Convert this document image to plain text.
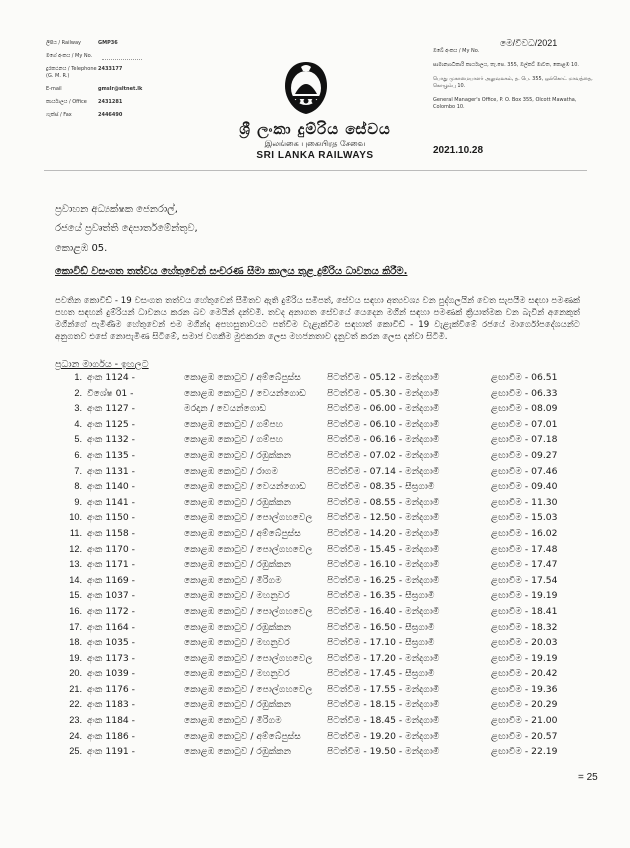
ලිපිය / Railway	GMP36
මගේ අංකය / My No.
දුරකථනය / Telephone (G. M. R.)
2433177
E-mail	gmslr@sltnet.lk
කාර්යාලය / Office	2431281
ෆැක්ස් / Fax	2446490
ශ්‍රී ලංකා දුම්රිය සේවය
இலங்கை புகையிரத சேவை
SRI LANKA RAILWAYS
මෙ/වීවධ/2021
ඔබේ අංකය / My No.
සාමාන්‍යාධිකාරි කාර්යාලය, තැ.පෙ. 355, ඔල්කට් මාවත, කොළඹ 10.
பொது முகாமையாளர் அலுவலகம், த. பெ. 355, ஒல்கொட் மாவத்தை, கொழும்பு 10.
General Manager's Office, P. O. Box 355, Olcott Mawatha, Colombo 10.
2021.10.28
ප්‍රවාහන අධ්‍යක්ෂක ජෙනරාල්,
රජයේ ප්‍රවෘත්ති දෙපාර්තමේන්තුව,
කොළඹ 05.
කොවිඩ් වසංගත තත්වය හේතුවෙන් සංචරණ සීමා කාලය තුළ දුම්රිය ධාවනය කිරීම.
පවතින කොවිඩ් - 19 වසංගත තත්වය හේතුවෙන් සීමිතව ඇති දුම්රිය සමිපත්, සේවය සඳහා අත්‍යවශ්‍ය වන පුද්ගලයින් වෙත සැපයීම සඳහා පමණක් පහත සඳහන් දුම්රියන් ධාවනය කරන බව මෙයින් දන්වමි. තවද අනාගත සේවයේ යෙදෙන මගීන් සඳහා පමණක් ක්‍රියාත්මක වන බැවින් අනෙකුත් මගීන්ගේ පැමිණීම හේතුවෙන් එම මගීන්ද අපහසුතාවයට පත්වීම වැළැක්වීම සඳහාත් කොවිඩ් - 19 වැළැක්වීමේ රජයේ මාර්ගෝපදේශයන්ට අනුගතව එසේ නොපැමිණ සිටීමේ, සමාජ වගකීම මුළුකරන ලෙස මහජනතාව දැනුවත් කරන ලෙස දන්වා සිටිමි.
ප්‍රධාන මාර්ගය - ඉහලට
1. අංක 1124 -	කොළඹ කොටුව / අම්බේපුස්ස	පිටත්වීම - 05.12 - මන්දගාමී	ළඟාවීම - 06.51
2. විශේෂ 01 -	කොළඹ කොටුව / වෙයන්ගොඩ පිටත්වීම - 05.30 - මන්දගාමී	ළඟාවීම - 06.33
3. අංක 1127 -	මරදාන / වෙයන්ගොඩ	පිටත්වීම - 06.00 - මන්දගාමී	ළඟාවීම - 08.09
4. අංක 1125 -	කොළඹ කොටුව / ගම්පහ	පිටත්වීම - 06.10 - මන්දගාමී	ළඟාවීම - 07.01
5. අංක 1132 -	කොළඹ කොටුව / ගම්පහ	පිටත්වීම - 06.16 - මන්දගාමී	ළඟාවීම - 07.18
6. අංක 1135 -	කොළඹ කොටුව / රඹුක්කන	පිටත්වීම - 07.02 - මන්දගාමී	ළඟාවීම - 09.27
7. අංක 1131 -	කොළඹ කොටුව / රාගම	පිටත්වීම - 07.14 - මන්දගාමී	ළඟාවීම - 07.46
8. අංක 1140 -	කොළඹ කොටුව / වෙයන්ගොඩ පිටත්වීම - 08.35 - සීඝ්‍රගාමී	ළඟාවීම - 09.40
9. අංක 1141 -	කොළඹ කොටුව / රඹුක්කන	පිටත්වීම - 08.55 - මන්දගාමී	ළඟාවීම - 11.30
10. අංක 1150 -	කොළඹ කොටුව / පොල්ගහවෙල පිටත්වීම - 12.50 - මන්දගාමී	ළඟාවීම - 15.03
11. අංක 1158 -	කොළඹ කොටුව / අම්බේපුස්ස	පිටත්වීම - 14.20 - මන්දගාමී	ළඟාවීම - 16.02
12. අංක 1170 -	කොළඹ කොටුව / පොල්ගහවෙල පිටත්වීම - 15.45 - මන්දගාමී	ළඟාවීම - 17.48
13. අංක 1171 -	කොළඹ කොටුව / රඹුක්කන	පිටත්වීම - 16.10 - මන්දගාමී	ළඟාවීම - 17.47
14. අංක 1169 -	කොළඹ කොටුව / මීරිගම	පිටත්වීම - 16.25 - මන්දගාමී	ළඟාවීම - 17.54
15. අංක 1037 -	කොළඹ කොටුව / මහනුවර	පිටත්වීම - 16.35 - සීඝ්‍රගාමී	ළඟාවීම - 19.19
16. අංක 1172 -	කොළඹ කොටුව / පොල්ගහවෙල පිටත්වීම - 16.40 - මන්දගාමී	ළඟාවීම - 18.41
17. අංක 1164 -	කොළඹ කොටුව / රඹුක්කන	පිටත්වීම - 16.50 - සීඝ්‍රගාමී	ළඟාවීම - 18.32
18. අංක 1035 -	කොළඹ කොටුව / මහනුවර	පිටත්වීම - 17.10 - සීඝ්‍රගාමී	ළඟාවීම - 20.03
19. අංක 1173 -	කොළඹ කොටුව / පොල්ගහවෙල පිටත්වීම - 17.20 - මන්දගාමී	ළඟාවීම - 19.19
20. අංක 1039 -	කොළඹ කොටුව / මහනුවර	පිටත්වීම - 17.45 - සීඝ්‍රගාමී	ළඟාවීම - 20.42
21. අංක 1176 -	කොළඹ කොටුව / පොල්ගහවෙල පිටත්වීම - 17.55 - මන්දගාමී	ළඟාවීම - 19.36
22. අංක 1183 -	කොළඹ කොටුව / රඹුක්කන	පිටත්වීම - 18.15 - මන්දගාමී	ළඟාවීම - 20.29
23. අංක 1184 -	කොළඹ කොටුව / මීරිගම	පිටත්වීම - 18.45 - මන්දගාමී	ළඟාවීම - 21.00
24. අංක 1186 -	කොළඹ කොටුව / අම්බේපුස්ස	පිටත්වීම - 19.20 - මන්දගාමී	ළඟාවීම - 20.57
25. අංක 1191 -	කොළඹ කොටුව / රඹුක්කන	පිටත්වීම - 19.50 - මන්දගාමී	ළඟාවීම - 22.19
= 25
